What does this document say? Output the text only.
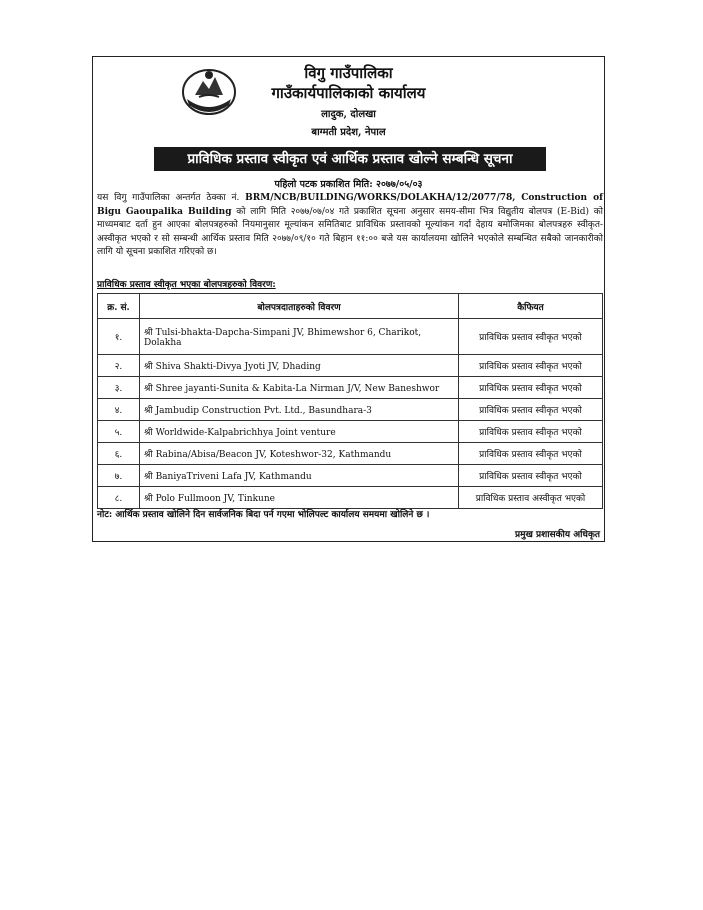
विगु गाउँपालिका
गाउँकार्यपालिकाको कार्यालय
लादुक, दोलखा
बाग्मती प्रदेश, नेपाल
प्राविधिक प्रस्ताव स्वीकृत एवं आर्थिक प्रस्ताव खोल्ने सम्बन्धि सूचना
पहिलो पटक प्रकाशित मिति: २०७७/०५/०३
यस विगु गाउँपालिका अन्तर्गत ठेक्का नं. BRM/NCB/BUILDING/WORKS/DOLAKHA/12/2077/78, Construction of Bigu Gaoupalika Building को लागि मिति २०७७/०७/०४ गते प्रकाशित सूचना अनुसार समय-सीमा भित्र विद्युतीय बोलपत्र (E-Bid) को माध्यमबाट दर्ता हुन आएका बोलपत्रहरुको नियमानुसार मूल्यांकन समितिबाट प्राविधिक प्रस्तावको मूल्यांकन गर्दा देहाय बमोजिमका बोलपत्रहरु स्वीकृत-अस्वीकृत भएको र सो सम्बन्धी आर्थिक प्रस्ताव मिति २०७७/०९/१० गते बिहान ११:०० बजे यस कार्यालयमा खोलिने भएकोले सम्बन्धित सबैको जानकारीको लागि यो सूचना प्रकाशित गरिएको छ।
प्राविधिक प्रस्ताव स्वीकृत भएका बोलपत्रहरुको विवरण:
क्र. सं.	बोलपत्रदाताहरुको विवरण	कैफियत
१.	श्री Tulsi-bhakta-Dapcha-Simpani JV, Bhimewshor 6, Charikot, Dolakha	प्राविधिक प्रस्ताव स्वीकृत भएको
२.	श्री Shiva Shakti-Divya Jyoti JV, Dhading	प्राविधिक प्रस्ताव स्वीकृत भएको
३.	श्री Shree jayanti-Sunita & Kabita-La Nirman J/V, New Baneshwor	प्राविधिक प्रस्ताव स्वीकृत भएको
४.	श्री Jambudip Construction Pvt. Ltd., Basundhara-3	प्राविधिक प्रस्ताव स्वीकृत भएको
५.	श्री Worldwide-Kalpabrichhya Joint venture	प्राविधिक प्रस्ताव स्वीकृत भएको
६.	श्री Rabina/Abisa/Beacon JV, Koteshwor-32, Kathmandu	प्राविधिक प्रस्ताव स्वीकृत भएको
७.	श्री BaniyaTriveni Lafa JV, Kathmandu	प्राविधिक प्रस्ताव स्वीकृत भएको
८.	श्री Polo Fullmoon JV, Tinkune	प्राविधिक प्रस्ताव अस्वीकृत भएको
नोट: आर्थिक प्रस्ताव खोलिने दिन सार्वजनिक बिदा पर्न गएमा भोलिपल्ट कार्यालय समयमा खोलिने छ ।
प्रमुख प्रशासकीय अधिकृत
